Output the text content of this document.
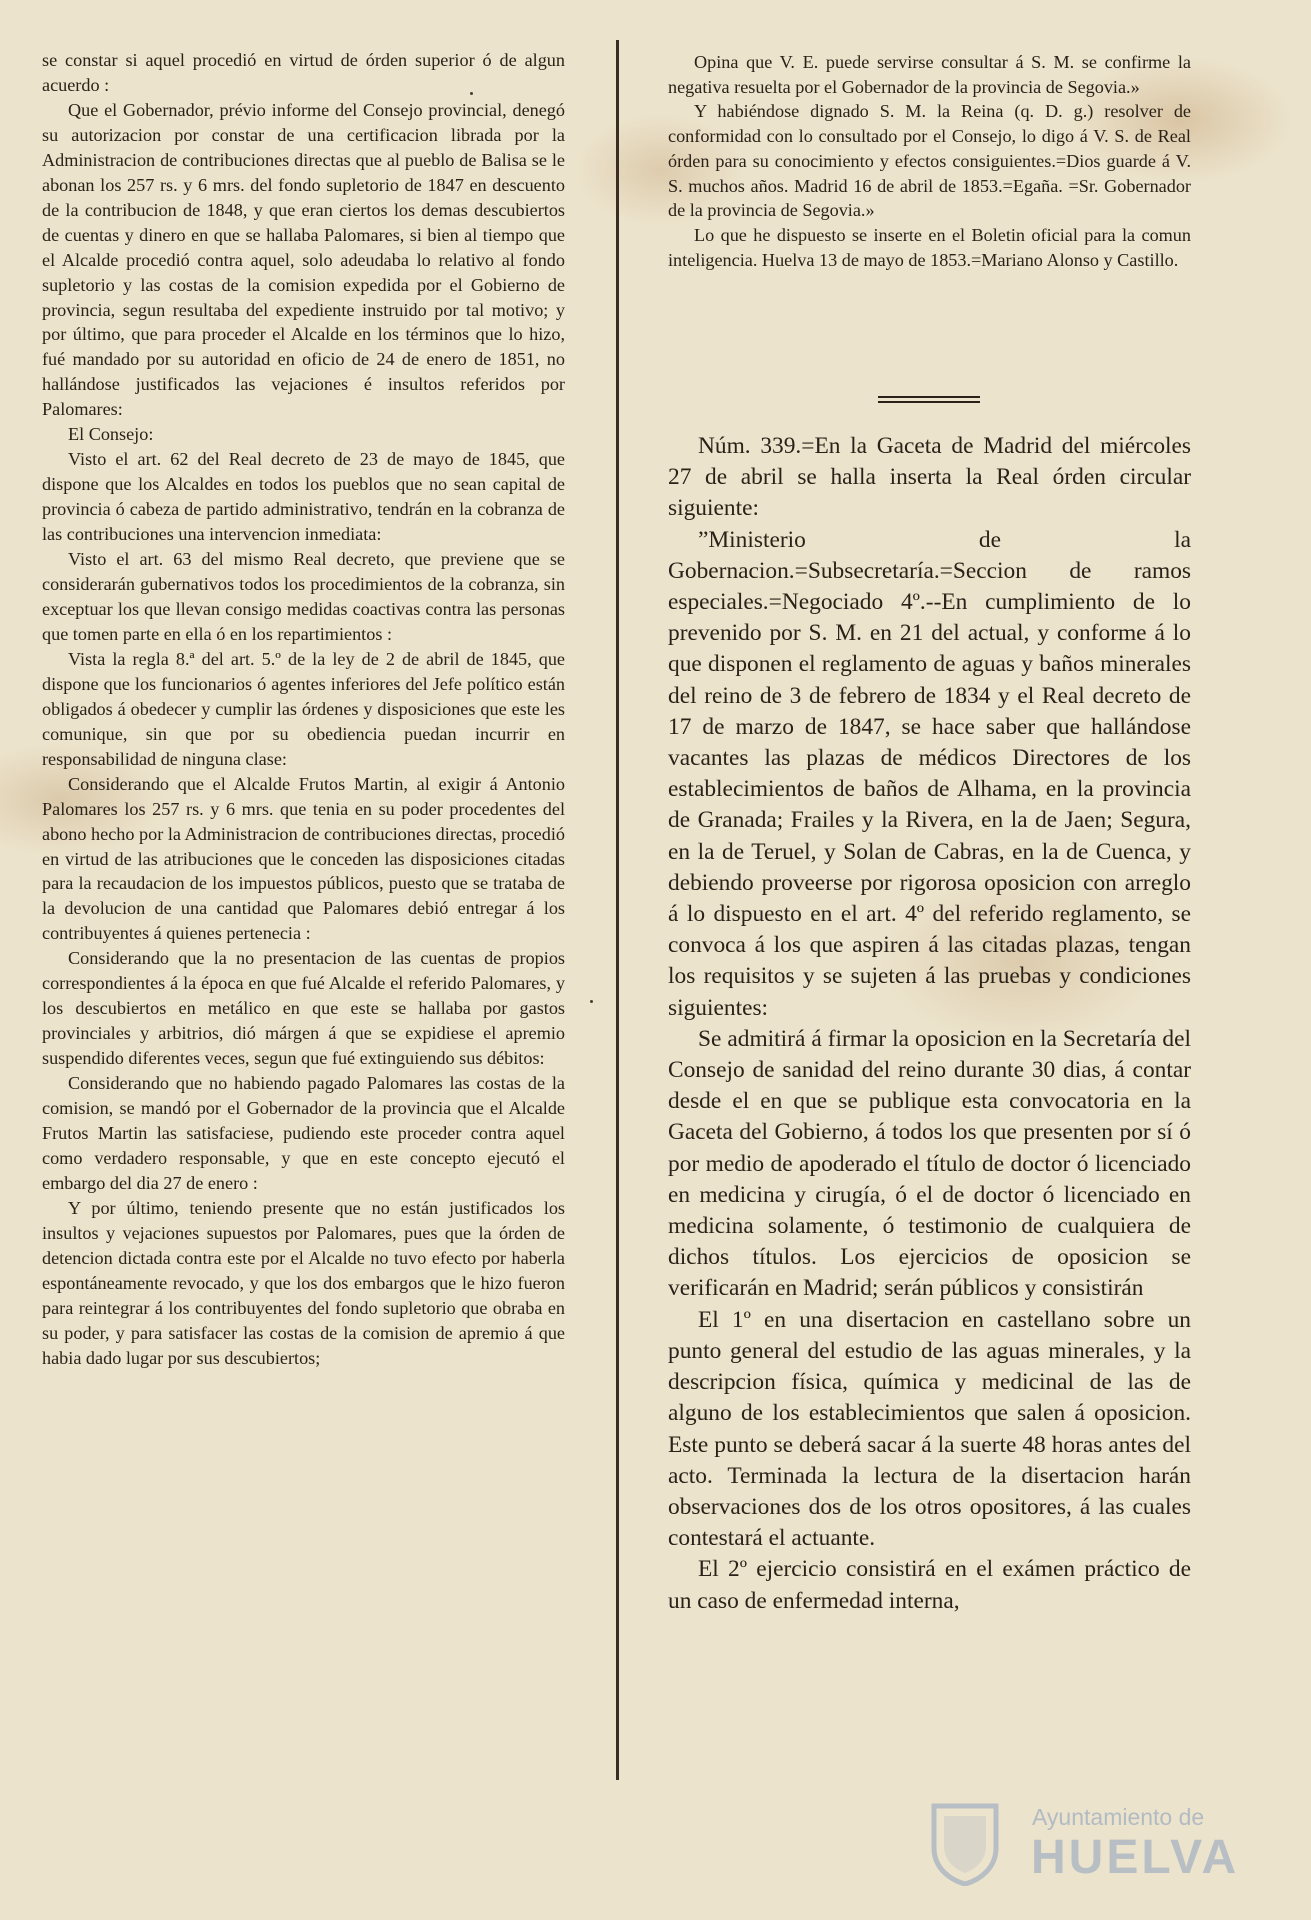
se constar si aquel procedió en virtud de órden superior ó de algun acuerdo :

Que el Gobernador, prévio informe del Consejo provincial, denegó su autorizacion por constar de una certificacion librada por la Administracion de contribuciones directas que al pueblo de Balisa se le abonan los 257 rs. y 6 mrs. del fondo supletorio de 1847 en descuento de la contribucion de 1848, y que eran ciertos los demas descubiertos de cuentas y dinero en que se hallaba Palomares, si bien al tiempo que el Alcalde procedió contra aquel, solo adeudaba lo relativo al fondo supletorio y las costas de la comision expedida por el Gobierno de provincia, segun resultaba del expediente instruido por tal motivo; y por último, que para proceder el Alcalde en los términos que lo hizo, fué mandado por su autoridad en oficio de 24 de enero de 1851, no hallándose justificados las vejaciones é insultos referidos por Palomares:

El Consejo:

Visto el art. 62 del Real decreto de 23 de mayo de 1845, que dispone que los Alcaldes en todos los pueblos que no sean capital de provincia ó cabeza de partido administrativo, tendrán en la cobranza de las contribuciones una intervencion inmediata:

Visto el art. 63 del mismo Real decreto, que previene que se considerarán gubernativos todos los procedimientos de la cobranza, sin exceptuar los que llevan consigo medidas coactivas contra las personas que tomen parte en ella ó en los repartimientos :

Vista la regla 8.ª del art. 5.º de la ley de 2 de abril de 1845, que dispone que los funcionarios ó agentes inferiores del Jefe político están obligados á obedecer y cumplir las órdenes y disposiciones que este les comunique, sin que por su obediencia puedan incurrir en responsabilidad de ninguna clase:

Considerando que el Alcalde Frutos Martin, al exigir á Antonio Palomares los 257 rs. y 6 mrs. que tenia en su poder procedentes del abono hecho por la Administracion de contribuciones directas, procedió en virtud de las atribuciones que le conceden las disposiciones citadas para la recaudacion de los impuestos públicos, puesto que se trataba de la devolucion de una cantidad que Palomares debió entregar á los contribuyentes á quienes pertenecia :

Considerando que la no presentacion de las cuentas de propios correspondientes á la época en que fué Alcalde el referido Palomares, y los descubiertos en metálico en que este se hallaba por gastos provinciales y arbitrios, dió márgen á que se expidiese el apremio suspendido diferentes veces, segun que fué extinguiendo sus débitos:

Considerando que no habiendo pagado Palomares las costas de la comision, se mandó por el Gobernador de la provincia que el Alcalde Frutos Martin las satisfaciese, pudiendo este proceder contra aquel como verdadero responsable, y que en este concepto ejecutó el embargo del dia 27 de enero :

Y por último, teniendo presente que no están justificados los insultos y vejaciones supuestos por Palomares, pues que la órden de detencion dictada contra este por el Alcalde no tuvo efecto por haberla espontáneamente revocado, y que los dos embargos que le hizo fueron para reintegrar á los contribuyentes del fondo supletorio que obraba en su poder, y para satisfacer las costas de la comision de apremio á que habia dado lugar por sus descubiertos;

Opina que V. E. puede servirse consultar á S. M. se confirme la negativa resuelta por el Gobernador de la provincia de Segovia.»

Y habiéndose dignado S. M. la Reina (q. D. g.) resolver de conformidad con lo consultado por el Consejo, lo digo á V. S. de Real órden para su conocimiento y efectos consiguientes.=Dios guarde á V. S. muchos años. Madrid 16 de abril de 1853.=Egaña. =Sr. Gobernador de la provincia de Segovia.»

Lo que he dispuesto se inserte en el Boletin oficial para la comun inteligencia. Huelva 13 de mayo de 1853.=Mariano Alonso y Castillo.

Núm. 339.=En la Gaceta de Madrid del miércoles 27 de abril se halla inserta la Real órden circular siguiente:

”Ministerio de la Gobernacion.=Subsecretaría.=Seccion de ramos especiales.=Negociado 4º.--En cumplimiento de lo prevenido por S. M. en 21 del actual, y conforme á lo que disponen el reglamento de aguas y baños minerales del reino de 3 de febrero de 1834 y el Real decreto de 17 de marzo de 1847, se hace saber que hallándose vacantes las plazas de médicos Directores de los establecimientos de baños de Alhama, en la provincia de Granada; Frailes y la Rivera, en la de Jaen; Segura, en la de Teruel, y Solan de Cabras, en la de Cuenca, y debiendo proveerse por rigorosa oposicion con arreglo á lo dispuesto en el art. 4º del referido reglamento, se convoca á los que aspiren á las citadas plazas, tengan los requisitos y se sujeten á las pruebas y condiciones siguientes:

Se admitirá á firmar la oposicion en la Secretaría del Consejo de sanidad del reino durante 30 dias, á contar desde el en que se publique esta convocatoria en la Gaceta del Gobierno, á todos los que presenten por sí ó por medio de apoderado el título de doctor ó licenciado en medicina y cirugía, ó el de doctor ó licenciado en medicina solamente, ó testimonio de cualquiera de dichos títulos. Los ejercicios de oposicion se verificarán en Madrid; serán públicos y consistirán

El 1º en una disertacion en castellano sobre un punto general del estudio de las aguas minerales, y la descripcion física, química y medicinal de las de alguno de los establecimientos que salen á oposicion. Este punto se deberá sacar á la suerte 48 horas antes del acto. Terminada la lectura de la disertacion harán observaciones dos de los otros opositores, á las cuales contestará el actuante.

El 2º ejercicio consistirá en el exámen práctico de un caso de enfermedad interna,

Ayuntamiento de
HUELVA
